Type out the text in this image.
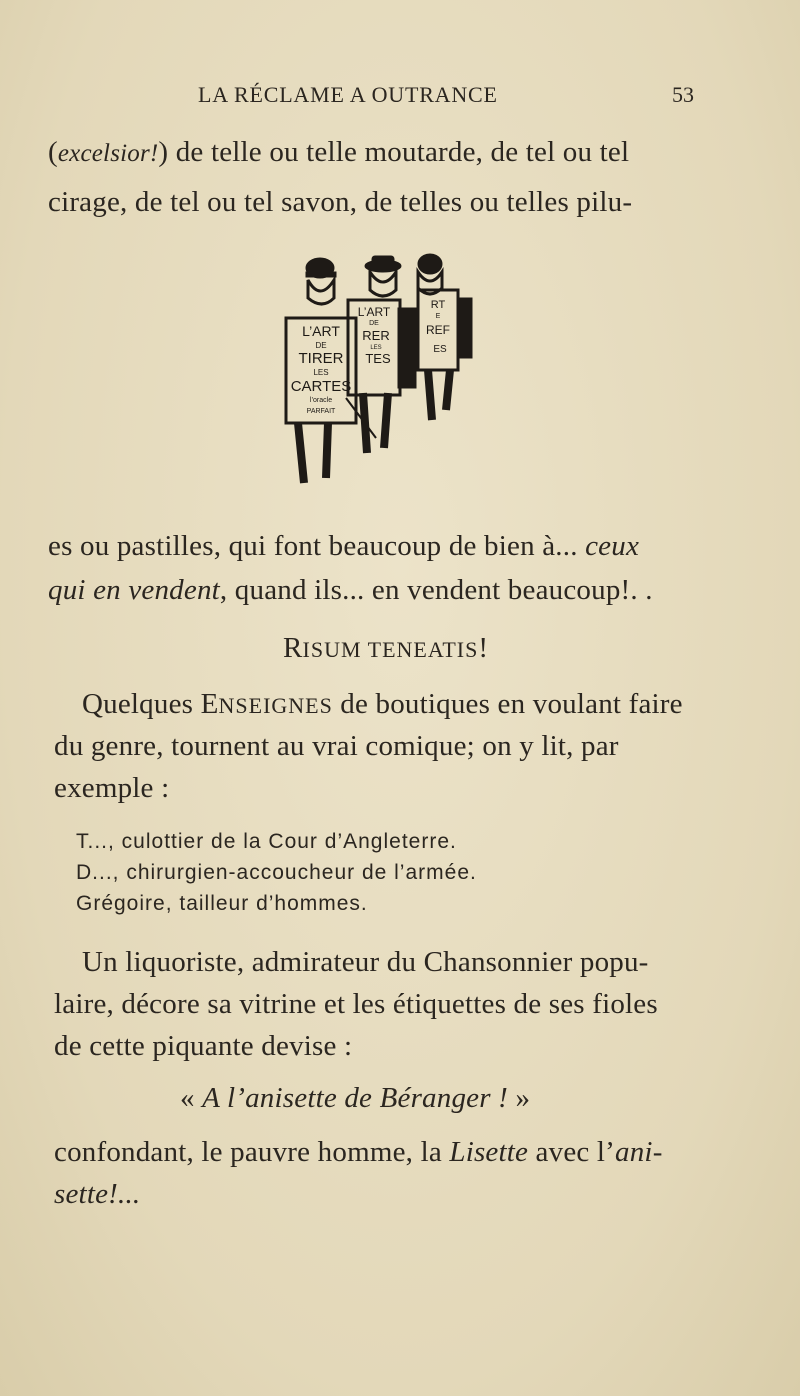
LA RÉCLAME A OUTRANCE	53
(excelsior!) de telle ou telle moutarde, de tel ou tel
cirage, de tel ou tel savon, de telles ou telles pilu-
L’ART
DE
TIRER
LES
CARTES
l’oracle
PARFAIT
L’ART
DE
RER
LES
TES
RT
E
REF
ES
es ou pastilles, qui font beaucoup de bien à... ceux
qui en vendent, quand ils... en vendent beaucoup!. .
RISUM TENEATIS!
Quelques ENSEIGNES de boutiques en voulant faire
du genre, tournent au vrai comique; on y lit, par
exemple :
T..., culottier de la Cour d’Angleterre.
D..., chirurgien-accoucheur de l’armée.
Grégoire, tailleur d’hommes.
Un liquoriste, admirateur du Chansonnier popu-
laire, décore sa vitrine et les étiquettes de ses fioles
de cette piquante devise :
« A l’anisette de Béranger ! »
confondant, le pauvre homme, la Lisette avec l’ani-
sette!...
